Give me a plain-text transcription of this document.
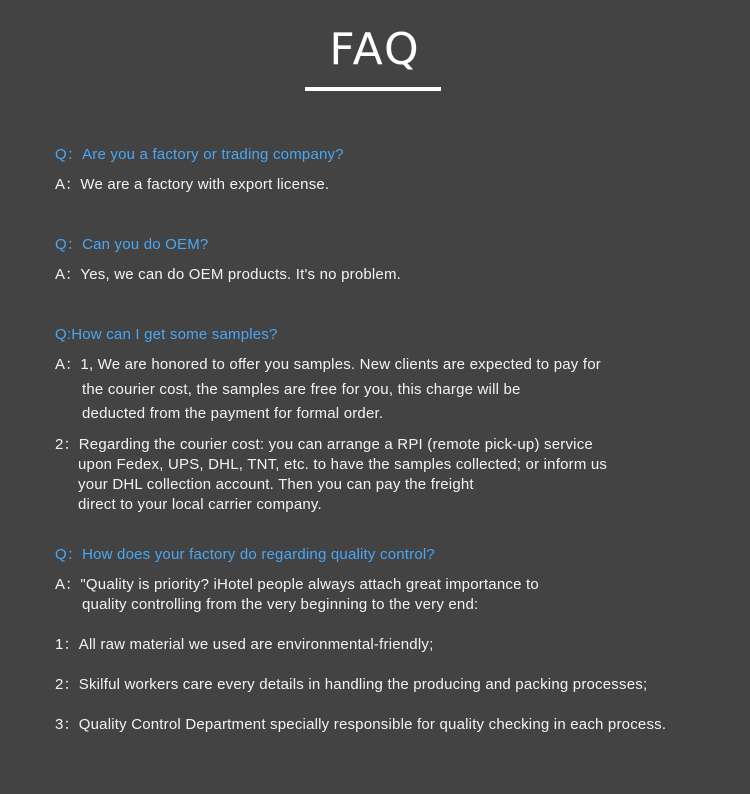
FAQ
Q：Are you a factory or trading company?
A：We are a factory with export license.
Q：Can you do OEM?
A：Yes, we can do OEM products. It's no problem.
Q:How can I get some samples?
A：1, We are honored to offer you samples. New clients are expected to pay for
the courier cost, the samples are free for you, this charge will be
deducted from the payment for formal order.
2：Regarding the courier cost: you can arrange a RPI (remote pick-up) service
upon Fedex, UPS, DHL, TNT, etc. to have the samples collected; or inform us
your DHL collection account. Then you can pay the freight
direct to your local carrier company.
Q：How does your factory do regarding quality control?
A："Quality is priority? iHotel people always attach great importance to
quality controlling from the very beginning to the very end:
1：All raw material we used are environmental-friendly;
2：Skilful workers care every details in handling the producing and packing processes;
3：Quality Control Department specially responsible for quality checking in each process.
